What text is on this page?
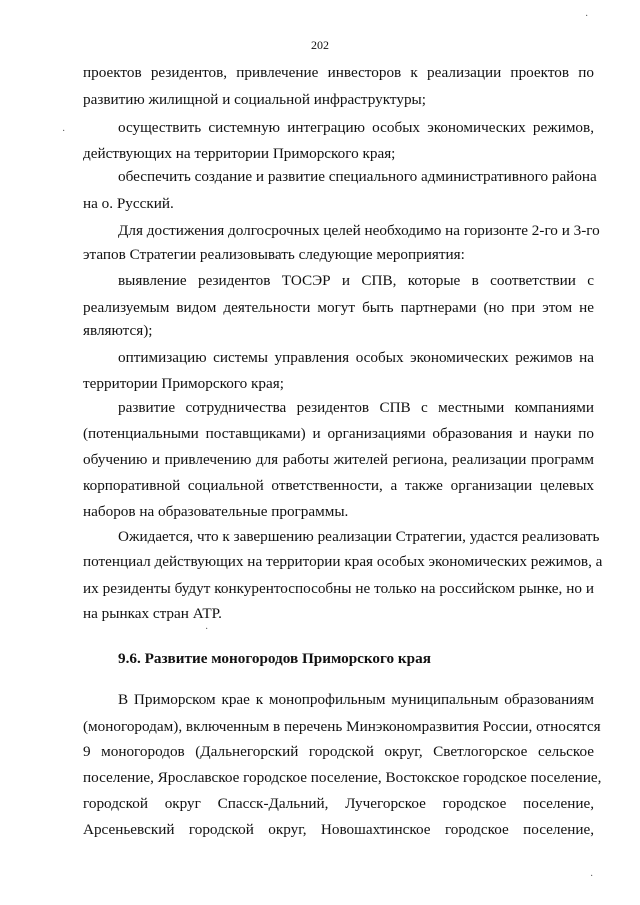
202
проектов резидентов, привлечение инвесторов к реализации проектов по
развитию жилищной и социальной инфраструктуры;
осуществить системную интеграцию особых экономических режимов,
действующих на территории Приморского края;
обеспечить создание и развитие специального административного района
на о. Русский.
Для достижения долгосрочных целей необходимо на горизонте 2-го и 3-го
этапов Стратегии реализовывать следующие мероприятия:
выявление резидентов ТОСЭР и СПВ, которые в соответствии с
реализуемым видом деятельности могут быть партнерами (но при этом не
являются);
оптимизацию системы управления особых экономических режимов на
территории Приморского края;
развитие сотрудничества резидентов СПВ с местными компаниями
(потенциальными поставщиками) и организациями образования и науки по
обучению и привлечению для работы жителей региона, реализации программ
корпоративной социальной ответственности, а также организации целевых
наборов на образовательные программы.
Ожидается, что к завершению реализации Стратегии, удастся реализовать
потенциал действующих на территории края особых экономических режимов, а
их резиденты будут конкурентоспособны не только на российском рынке, но и
на рынках стран АТР.
9.6. Развитие моногородов Приморского края
В Приморском крае к монопрофильным муниципальным образованиям
(моногородам), включенным в перечень Минэкономразвития России, относятся
9 моногородов (Дальнегорский городской округ, Светлогорское сельское
поселение, Ярославское городское поселение, Востокское городское поселение,
городской округ Спасск-Дальний, Лучегорское городское поселение,
Арсеньевский городской округ, Новошахтинское городское поселение,
·
·
·
·
